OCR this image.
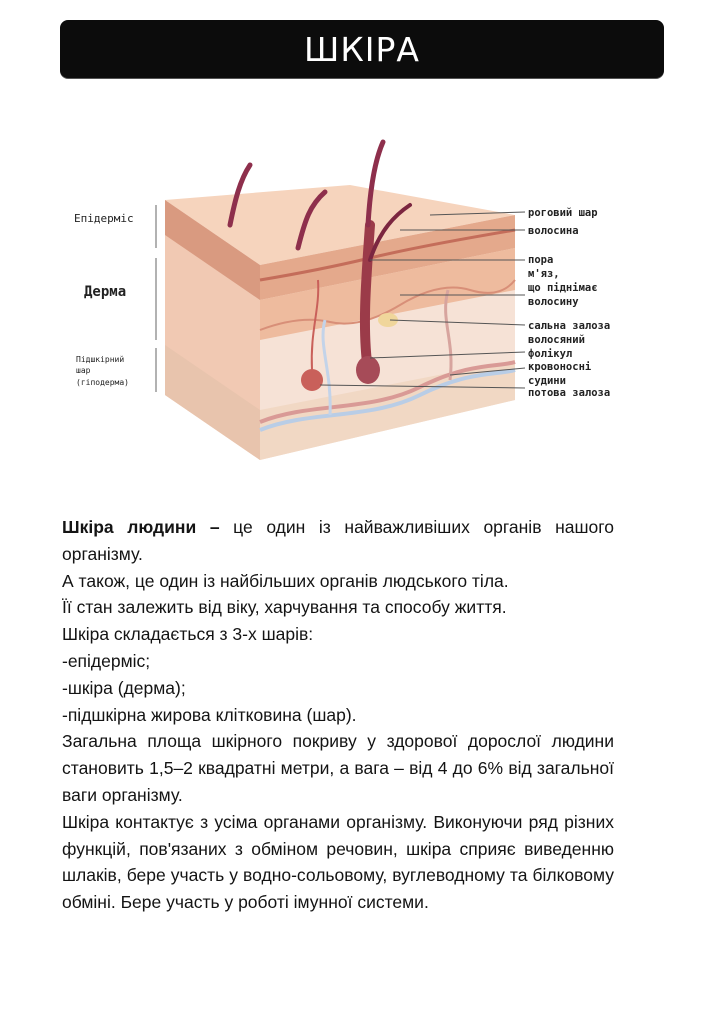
ШКІРА
Епідерміс
Дерма
Підшкірний
шар
(гіподерма)
роговий шар
волосина
пора
м'яз,
що піднімає
волосину
сальна залоза
волосяний
фолікул
кровоносні
судини
потова залоза

Шкіра людини – це один із найважливіших органів нашого організму.

А також, це один із найбільших органів людського тіла.

Її стан залежить від віку, харчування та способу життя.

Шкіра складається з 3-х шарів:

-епідерміс;

-шкіра (дерма);

-підшкірна жирова клітковина (шар).

Загальна площа шкірного покриву у здорової дорослої людини становить 1,5–2 квадратні метри, а вага – від 4 до 6% від загальної ваги організму.

Шкіра контактує з усіма органами організму. Виконуючи ряд різних функцій, пов'язаних з обміном речовин, шкіра сприяє виведенню шлаків, бере участь у водно-сольовому, вуглеводному та білковому обміні. Бере участь у роботі імунної системи.
